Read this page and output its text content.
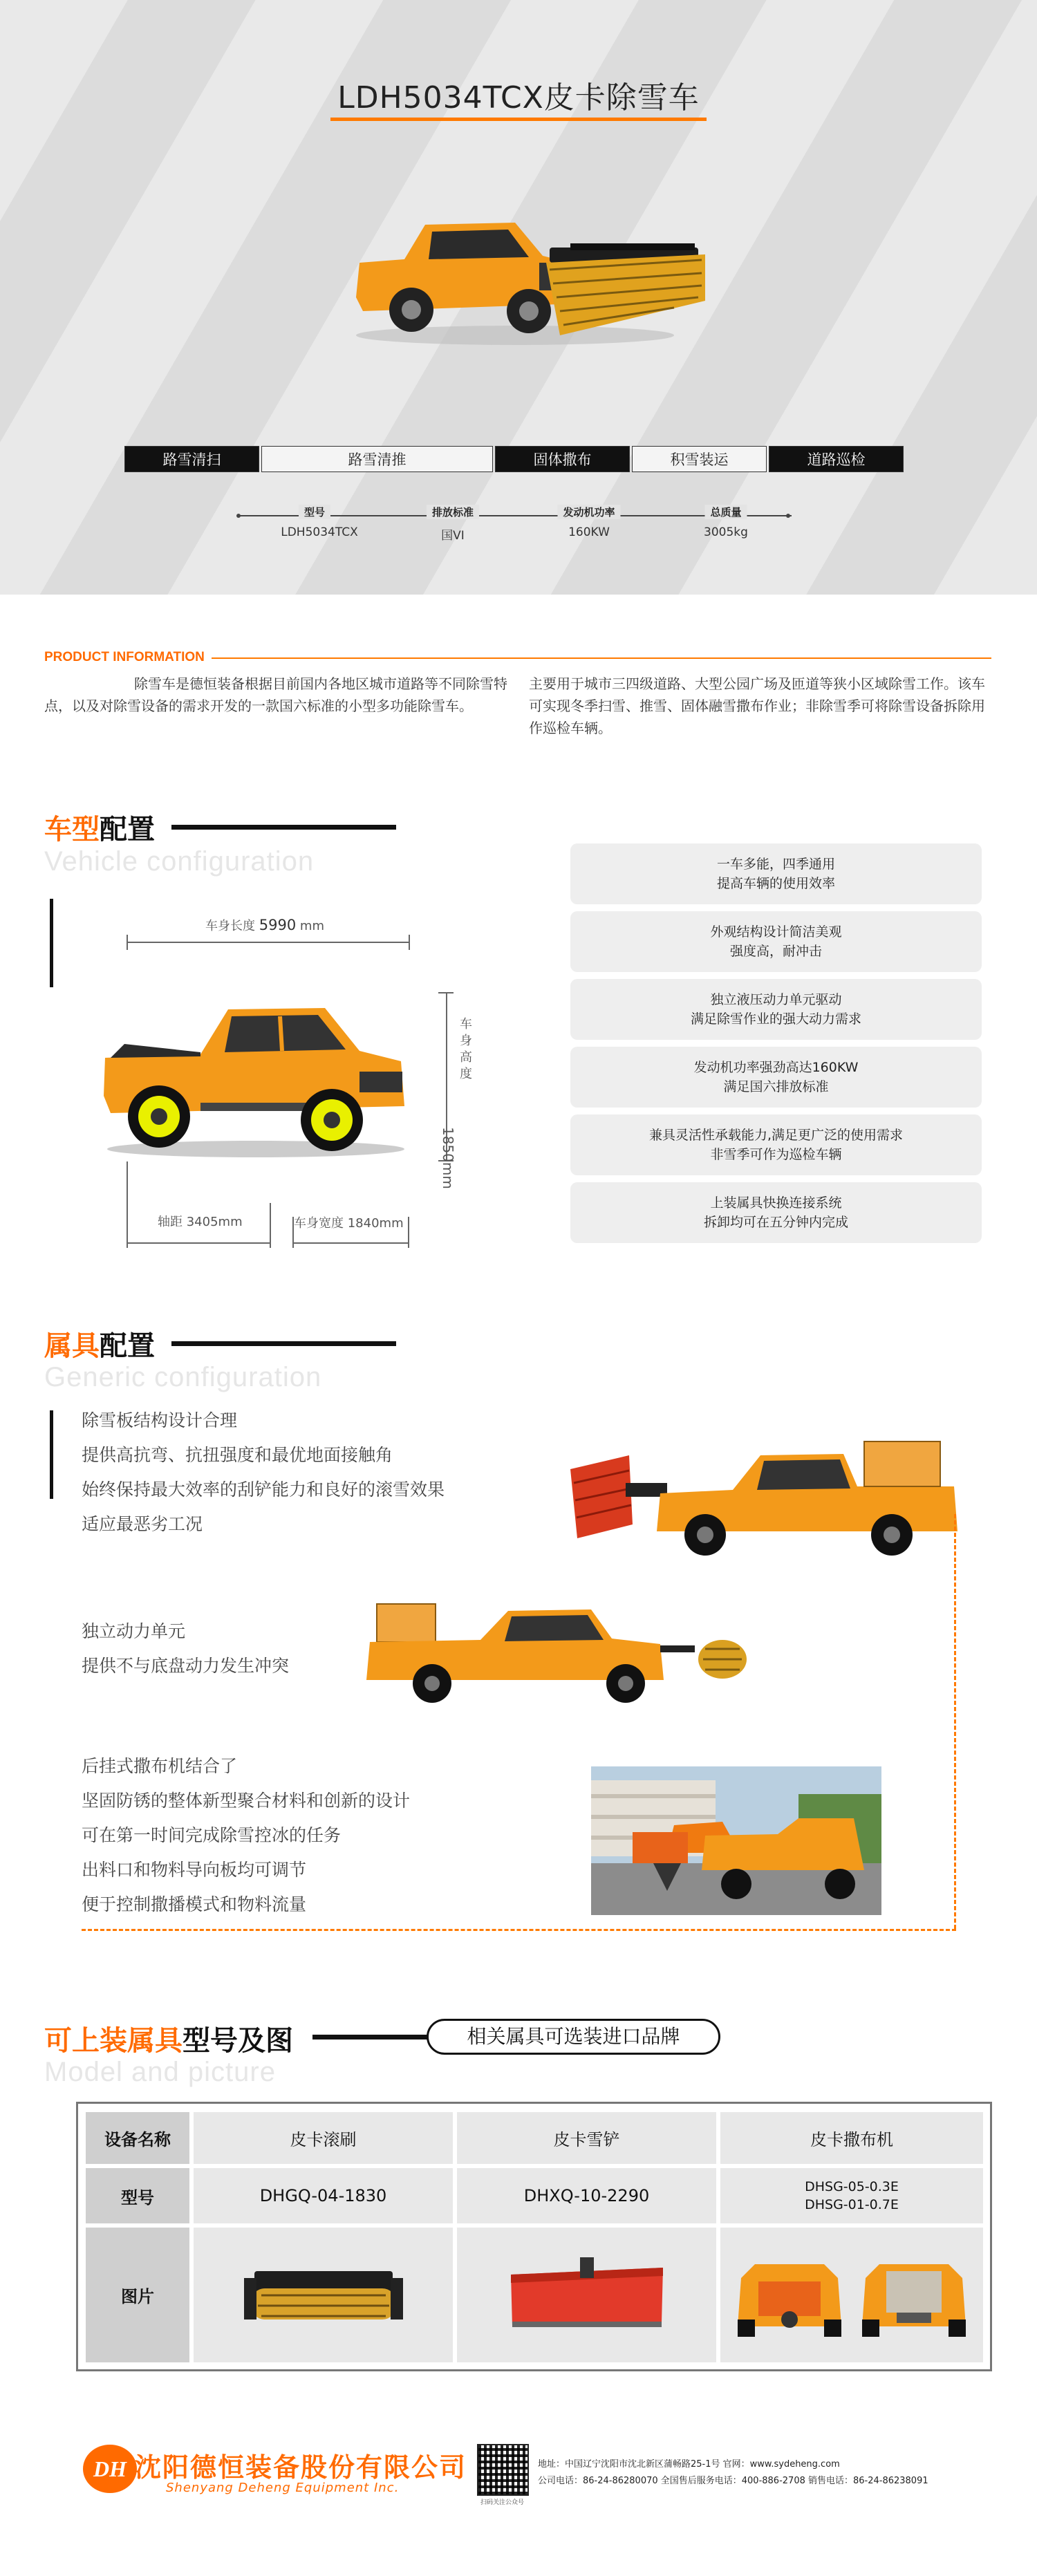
LDH5034TCX皮卡除雪车
路雪清扫	路雪清推	固体撒布	积雪装运	道路巡检
型号
LDH5034TCX
排放标准
国VI
发动机功率
160KW
总质量
3005kg
PRODUCT INFORMATION
除雪车是德恒装备根据目前国内各地区城市道路等不同除雪特点，以及对除雪设备的需求开发的一款国六标准的小型多功能除雪车。
主要用于城市三四级道路、大型公园广场及匝道等狭小区域除雪工作。该车可实现冬季扫雪、推雪、固体融雪撒布作业；非除雪季可将除雪设备拆除用作巡检车辆。
车型配置
Vehicle configuration
车身长度 5990 mm
车身高度
1850mm
轴距 3405mm	车身宽度 1840mm
一车多能，四季通用
提高车辆的使用效率
外观结构设计简洁美观
强度高，耐冲击
独立液压动力单元驱动
满足除雪作业的强大动力需求
发动机功率强劲高达160KW
满足国六排放标准
兼具灵活性承载能力,满足更广泛的使用需求
非雪季可作为巡检车辆
上装属具快换连接系统
拆卸均可在五分钟内完成
属具配置
Generic configuration
除雪板结构设计合理
提供高抗弯、抗扭强度和最优地面接触角
始终保持最大效率的刮铲能力和良好的滚雪效果
适应最恶劣工况
独立动力单元
提供不与底盘动力发生冲突
后挂式撒布机结合了
坚固防锈的整体新型聚合材料和创新的设计
可在第一时间完成除雪控冰的任务
出料口和物料导向板均可调节
便于控制撒播模式和物料流量
可上装属具型号及图	相关属具可选装进口品牌
Model and picture
设备名称	皮卡滚刷	皮卡雪铲	皮卡撒布机
型号	DHGQ-04-1830	DHXQ-10-2290	DHSG-05-0.3E
DHSG-01-0.7E
图片
DH 沈阳德恒装备股份有限公司
Shenyang Deheng Equipment Inc.
扫码关注公众号
地址：中国辽宁沈阳市沈北新区蒲畅路25-1号 官网：www.sydeheng.com
公司电话：86-24-86280070 全国售后服务电话：400-886-2708 销售电话：86-24-86238091
